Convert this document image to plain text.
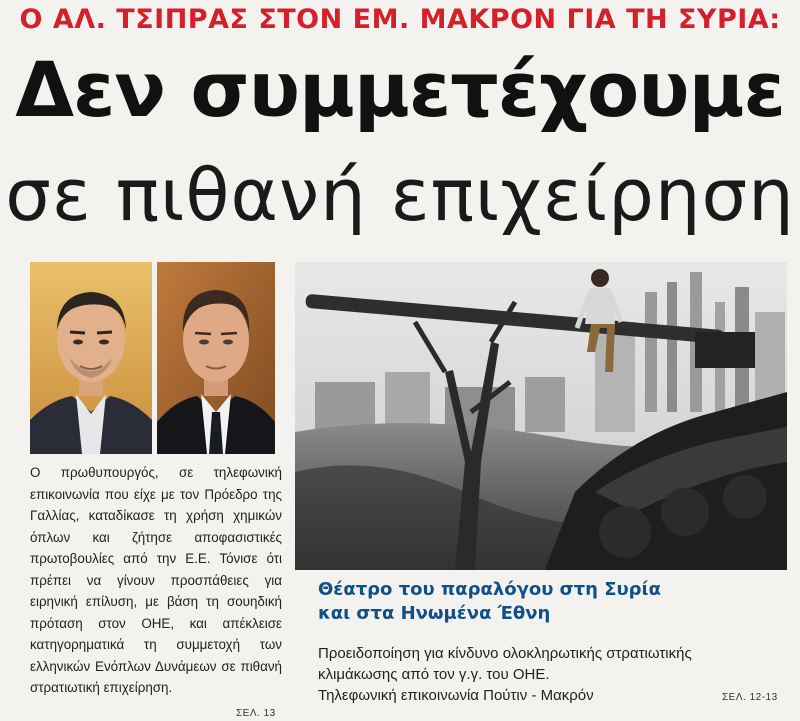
Ο ΑΛ. ΤΣΙΠΡΑΣ ΣΤΟΝ ΕΜ. ΜΑΚΡΟΝ ΓΙΑ ΤΗ ΣΥΡΙΑ:
Δεν συμμετέχουμε
σε πιθανή επιχείρηση
Ο πρωθυπουργός, σε τηλεφωνική επικοινωνία που είχε με τον Πρόεδρο της Γαλλίας, καταδίκασε τη χρήση χημικών όπλων και ζήτησε αποφασιστικές πρωτοβουλίες από την Ε.Ε. Τόνισε ότι πρέπει να γίνουν προσπάθειες για ειρηνική επίλυση, με βάση τη σουηδική πρόταση στον ΟΗΕ, και απέκλεισε κατηγορηματικά τη συμμετοχή των ελληνικών Ενόπλων Δυνάμεων σε πιθανή στρατιωτική επιχείρηση.
ΣΕΛ. 13
Θέατρο του παραλόγου στη Συρία
και στα Ηνωμένα Έθνη
Προειδοποίηση για κίνδυνο ολοκληρωτικής στρατιωτικής
κλιμάκωσης από τον γ.γ. του ΟΗΕ.
Τηλεφωνική επικοινωνία Πούτιν - Μακρόν	ΣΕΛ. 12-13
